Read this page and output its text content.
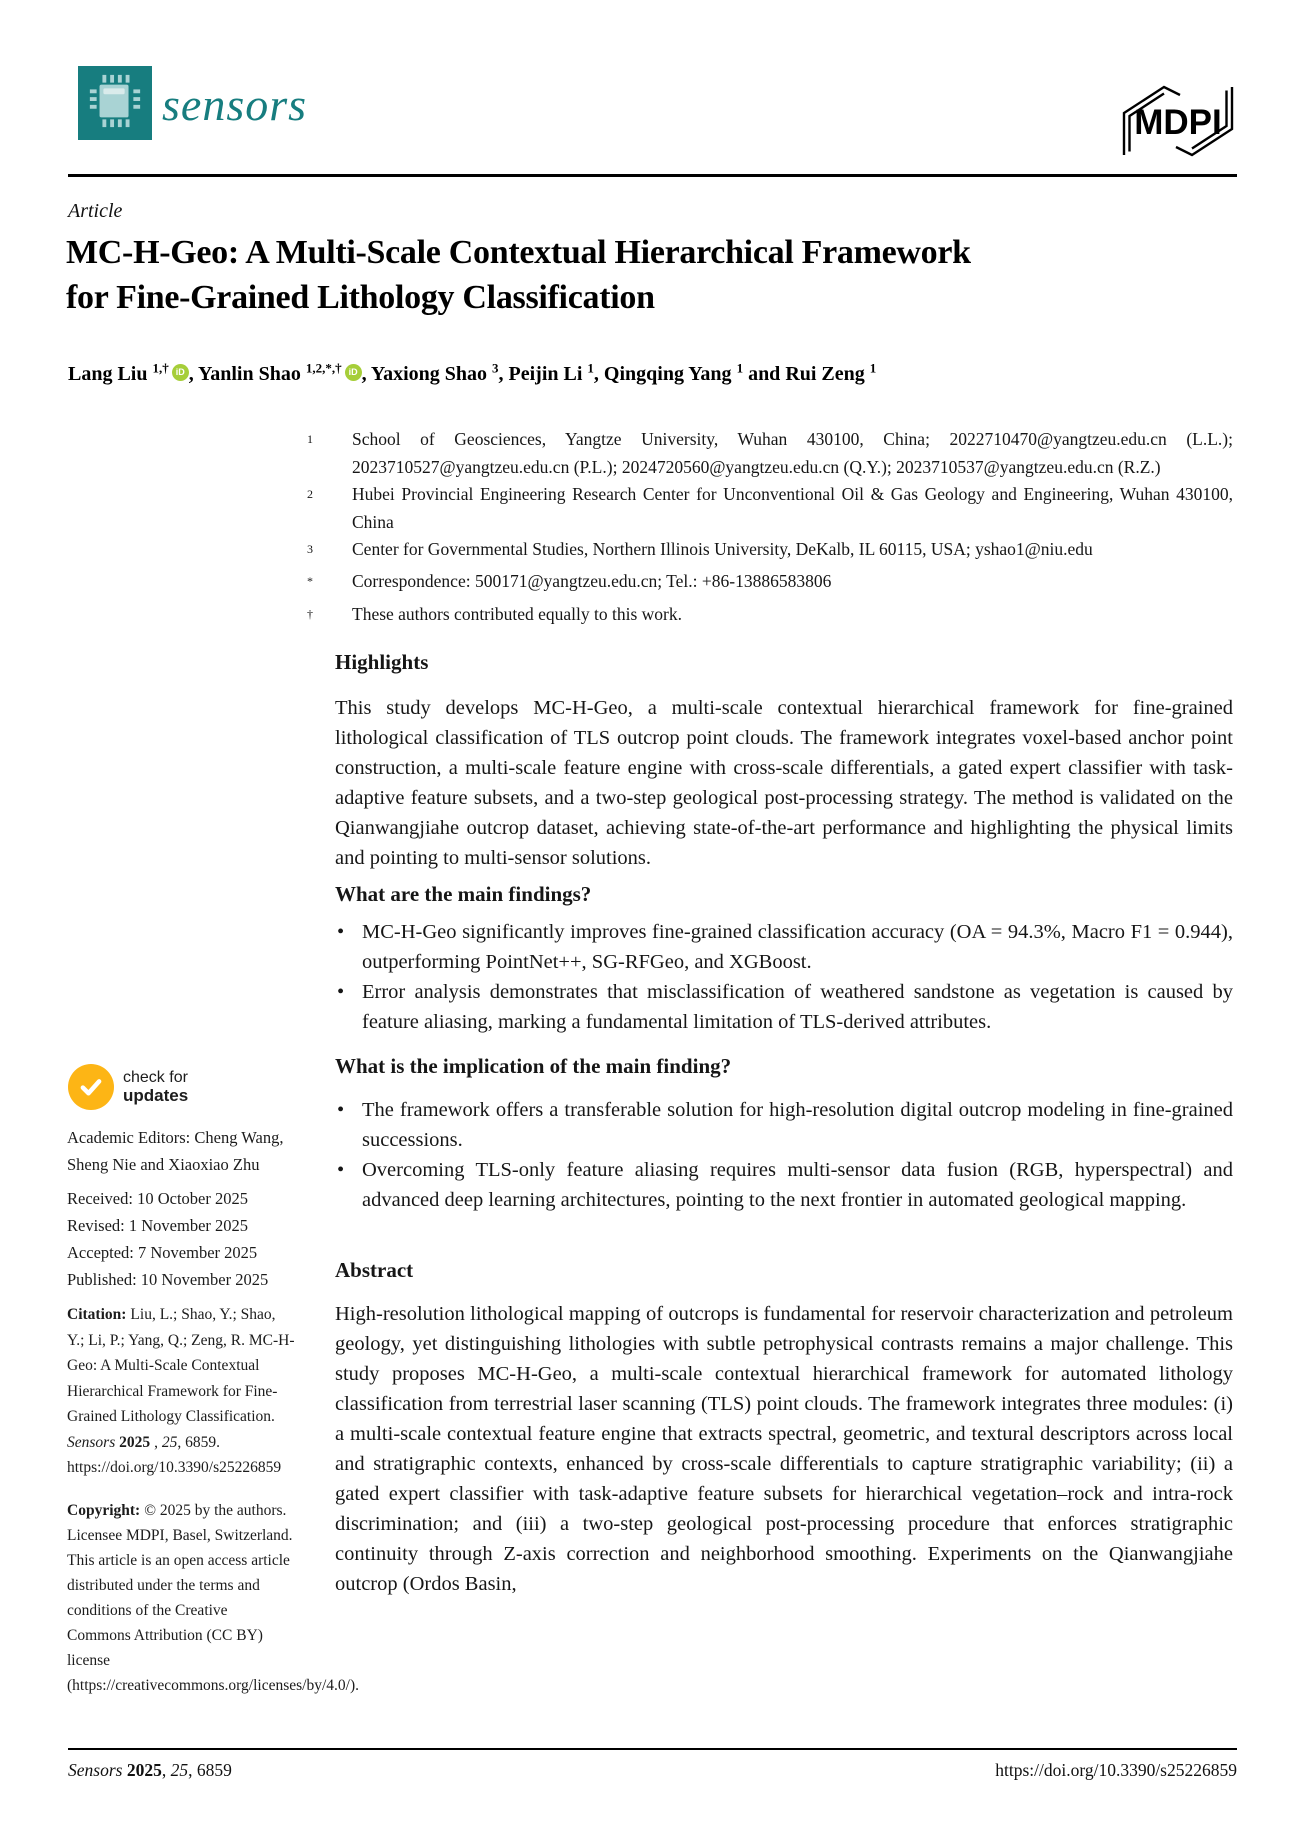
sensors	MDPI
Article
MC-H-Geo: A Multi-Scale Contextual Hierarchical Framework
for Fine-Grained Lithology Classification
Lang Liu $^{1,\dagger}$ iD , Yanlin Shao $^{1,2,*,\dagger}$ iD , Yaxiong Shao $^3$, Peijin Li $^1$, Qingqing Yang $^1$ and Rui Zeng $^1$
$^1$	School of Geosciences, Yangtze University, Wuhan 430100, China; 2022710470@yangtzeu.edu.cn (L.L.); 2023710527@yangtzeu.edu.cn (P.L.); 2024720560@yangtzeu.edu.cn (Q.Y.); 2023710537@yangtzeu.edu.cn (R.Z.)
$^2$	Hubei Provincial Engineering Research Center for Unconventional Oil & Gas Geology and Engineering, Wuhan 430100, China
$^3$	Center for Governmental Studies, Northern Illinois University, DeKalb, IL 60115, USA; yshao1@niu.edu
*	Correspondence: 500171@yangtzeu.edu.cn; Tel.: +86-13886583806
†	These authors contributed equally to this work.
Highlights
This study develops MC-H-Geo, a multi-scale contextual hierarchical framework for fine-grained lithological classification of TLS outcrop point clouds. The framework integrates voxel-based anchor point construction, a multi-scale feature engine with cross-scale differentials, a gated expert classifier with task-adaptive feature subsets, and a two-step geological post-processing strategy. The method is validated on the Qianwangjiahe outcrop dataset, achieving state-of-the-art performance and highlighting the physical limits and pointing to multi-sensor solutions.
What are the main findings?
• MC-H-Geo significantly improves fine-grained classification accuracy (OA = 94.3%, Macro F1 = 0.944), outperforming PointNet++, SG-RFGeo, and XGBoost.
• Error analysis demonstrates that misclassification of weathered sandstone as vegetation is caused by feature aliasing, marking a fundamental limitation of TLS-derived attributes.
What is the implication of the main finding?
• The framework offers a transferable solution for high-resolution digital outcrop modeling in fine-grained successions.
• Overcoming TLS-only feature aliasing requires multi-sensor data fusion (RGB, hyperspectral) and advanced deep learning architectures, pointing to the next frontier in automated geological mapping.
Abstract
High-resolution lithological mapping of outcrops is fundamental for reservoir characterization and petroleum geology, yet distinguishing lithologies with subtle petrophysical contrasts remains a major challenge. This study proposes MC-H-Geo, a multi-scale contextual hierarchical framework for automated lithology classification from terrestrial laser scanning (TLS) point clouds. The framework integrates three modules: (i) a multi-scale contextual feature engine that extracts spectral, geometric, and textural descriptors across local and stratigraphic contexts, enhanced by cross-scale differentials to capture stratigraphic variability; (ii) a gated expert classifier with task-adaptive feature subsets for hierarchical vegetation–rock and intra-rock discrimination; and (iii) a two-step geological post-processing procedure that enforces stratigraphic continuity through Z-axis correction and neighborhood smoothing. Experiments on the Qianwangjiahe outcrop (Ordos Basin,
check for
updates
Academic Editors: Cheng Wang, Sheng Nie and Xiaoxiao Zhu
Received: 10 October 2025
Revised: 1 November 2025
Accepted: 7 November 2025
Published: 10 November 2025
Citation: Liu, L.; Shao, Y.; Shao, Y.; Li, P.; Yang, Q.; Zeng, R. MC-H-Geo: A Multi-Scale Contextual Hierarchical Framework for Fine-Grained Lithology Classification. Sensors 2025 , 25, 6859. https://doi.org/10.3390/s25226859
Copyright: © 2025 by the authors. Licensee MDPI, Basel, Switzerland. This article is an open access article distributed under the terms and conditions of the Creative Commons Attribution (CC BY) license (https://creativecommons.org/licenses/by/4.0/).
Sensors 2025, 25, 6859	https://doi.org/10.3390/s25226859
